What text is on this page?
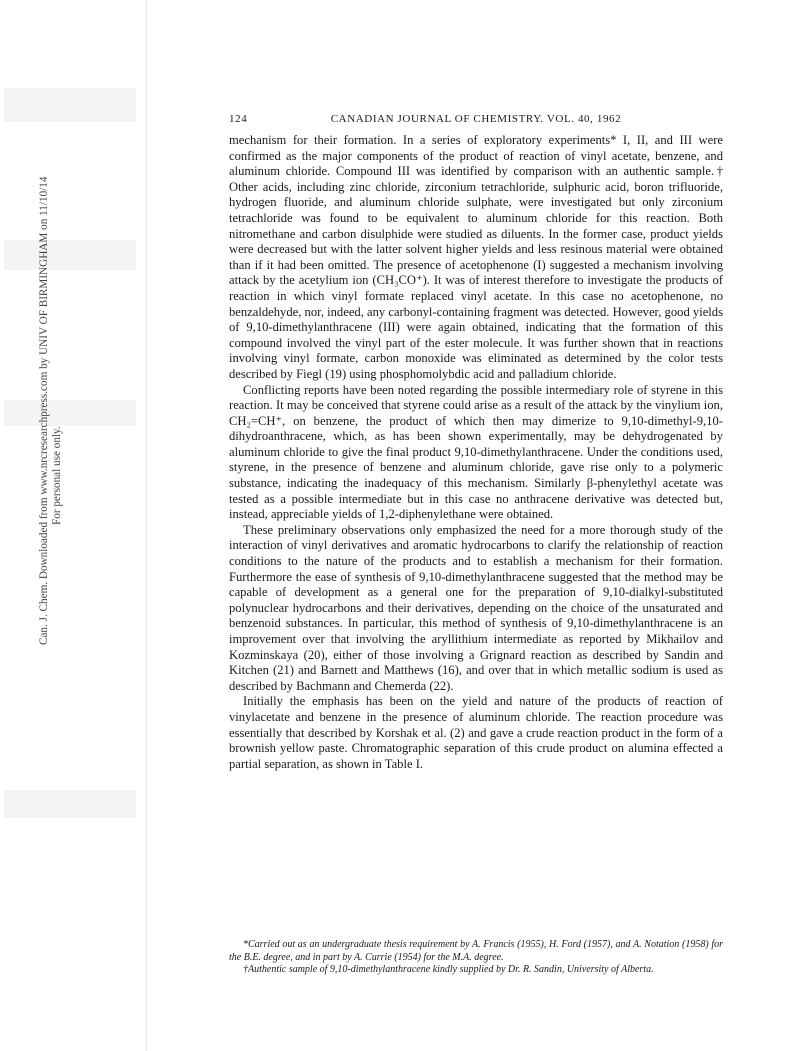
Can. J. Chem. Downloaded from www.nrcresearchpress.com by UNIV OF BIRMINGHAM on 11/10/14 For personal use only.
124	CANADIAN JOURNAL OF CHEMISTRY. VOL. 40, 1962

mechanism for their formation. In a series of exploratory experiments* I, II, and III were confirmed as the major components of the product of reaction of vinyl acetate, benzene, and aluminum chloride. Compound III was identified by comparison with an authentic sample.† Other acids, including zinc chloride, zirconium tetrachloride, sulphuric acid, boron trifluoride, hydrogen fluoride, and aluminum chloride sulphate, were investigated but only zirconium tetrachloride was found to be equivalent to aluminum chloride for this reaction. Both nitromethane and carbon disulphide were studied as diluents. In the former case, product yields were decreased but with the latter solvent higher yields and less resinous material were obtained than if it had been omitted. The presence of acetophenone (I) suggested a mechanism involving attack by the acetylium ion (CH₃CO⁺). It was of interest therefore to investigate the products of reaction in which vinyl formate replaced vinyl acetate. In this case no acetophenone, no benzaldehyde, nor, indeed, any carbonyl-containing fragment was detected. However, good yields of 9,10-dimethylanthracene (III) were again obtained, indicating that the formation of this compound involved the vinyl part of the ester molecule. It was further shown that in reactions involving vinyl formate, carbon monoxide was eliminated as determined by the color tests described by Fiegl (19) using phosphomolybdic acid and palladium chloride.

Conflicting reports have been noted regarding the possible intermediary role of styrene in this reaction. It may be conceived that styrene could arise as a result of the attack by the vinylium ion, CH₂=CH⁺, on benzene, the product of which then may dimerize to 9,10-dimethyl-9,10-dihydroanthracene, which, as has been shown experimentally, may be dehydrogenated by aluminum chloride to give the final product 9,10-dimethylanthracene. Under the conditions used, styrene, in the presence of benzene and aluminum chloride, gave rise only to a polymeric substance, indicating the inadequacy of this mechanism. Similarly β-phenylethyl acetate was tested as a possible intermediate but in this case no anthracene derivative was detected but, instead, appreciable yields of 1,2-diphenylethane were obtained.

These preliminary observations only emphasized the need for a more thorough study of the interaction of vinyl derivatives and aromatic hydrocarbons to clarify the relationship of reaction conditions to the nature of the products and to establish a mechanism for their formation. Furthermore the ease of synthesis of 9,10-dimethylanthracene suggested that the method may be capable of development as a general one for the preparation of 9,10-dialkyl-substituted polynuclear hydrocarbons and their derivatives, depending on the choice of the unsaturated and benzenoid substances. In particular, this method of synthesis of 9,10-dimethylanthracene is an improvement over that involving the aryllithium intermediate as reported by Mikhailov and Kozminskaya (20), either of those involving a Grignard reaction as described by Sandin and Kitchen (21) and Barnett and Matthews (16), and over that in which metallic sodium is used as described by Bachmann and Chemerda (22).

Initially the emphasis has been on the yield and nature of the products of reaction of vinylacetate and benzene in the presence of aluminum chloride. The reaction procedure was essentially that described by Korshak et al. (2) and gave a crude reaction product in the form of a brownish yellow paste. Chromatographic separation of this crude product on alumina effected a partial separation, as shown in Table I.

*Carried out as an undergraduate thesis requirement by A. Francis (1955), H. Ford (1957), and A. Notation (1958) for the B.E. degree, and in part by A. Currie (1954) for the M.A. degree.

†Authentic sample of 9,10-dimethylanthracene kindly supplied by Dr. R. Sandin, University of Alberta.
